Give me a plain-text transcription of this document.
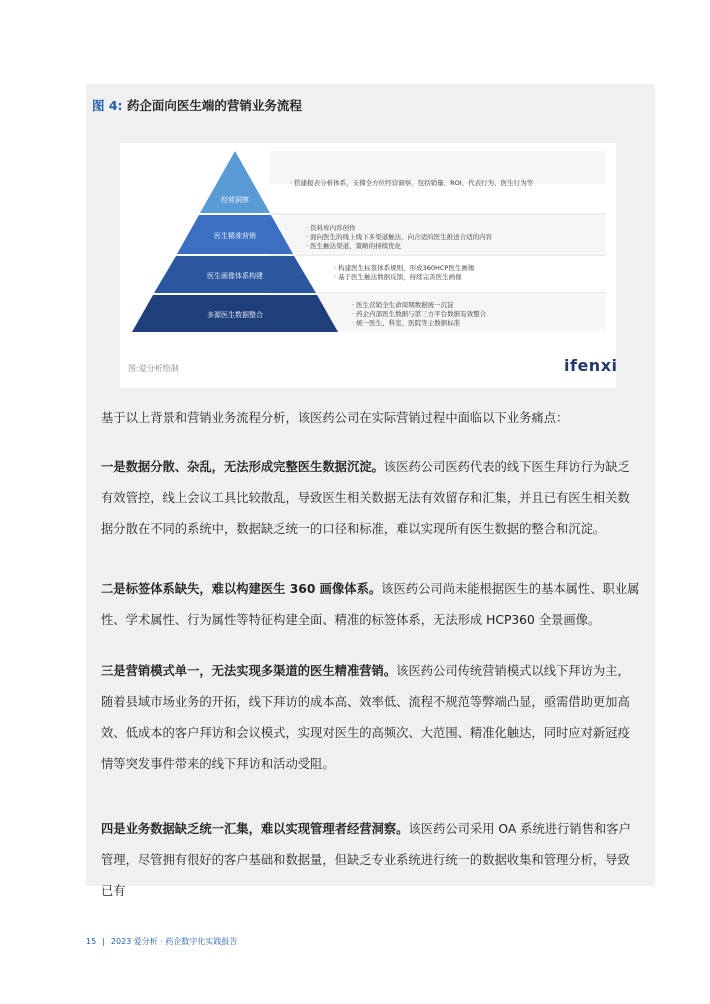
图 4: 药企面向医生端的营销业务流程
经营洞察
医生精准营销
医生画像体系构建
多源医生数据整合
· 搭建报表分析体系，支撑全方位经营洞察，包括销量、ROI、代表行为、医生行为等
· 资料库内容创作
· 面向医生的线上线下多渠道触达，向合适的医生推送合适的内容
· 医生触达渠道、策略的持续优化
· 构建医生标签体系规则，形成360HCP医生画像
· 基于医生触达数据反馈，持续完善医生画像
· 医生营销全生命周期数据统一沉淀
· 药企内部医生数据与第三方平台数据有效整合
· 统一医生、科室、医院等主数据标准
图:爱分析绘制	ifenxi
基于以上背景和营销业务流程分析，该医药公司在实际营销过程中面临以下业务痛点：
一是数据分散、杂乱，无法形成完整医生数据沉淀。该医药公司医药代表的线下医生拜访行为缺乏有效管控，线上会议工具比较散乱，导致医生相关数据无法有效留存和汇集，并且已有医生相关数据分散在不同的系统中，数据缺乏统一的口径和标准，难以实现所有医生数据的整合和沉淀。
二是标签体系缺失，难以构建医生 360 画像体系。该医药公司尚未能根据医生的基本属性、职业属性、学术属性、行为属性等特征构建全面、精准的标签体系，无法形成 HCP360 全景画像。
三是营销模式单一，无法实现多渠道的医生精准营销。该医药公司传统营销模式以线下拜访为主，随着县域市场业务的开拓，线下拜访的成本高、效率低、流程不规范等弊端凸显，亟需借助更加高效、低成本的客户拜访和会议模式，实现对医生的高频次、大范围、精准化触达，同时应对新冠疫情等突发事件带来的线下拜访和活动受阻。
四是业务数据缺乏统一汇集，难以实现管理者经营洞察。该医药公司采用 OA 系统进行销售和客户管理，尽管拥有很好的客户基础和数据量，但缺乏专业系统进行统一的数据收集和管理分析，导致已有
15 | 2023 爱分析 · 药企数字化实践报告
